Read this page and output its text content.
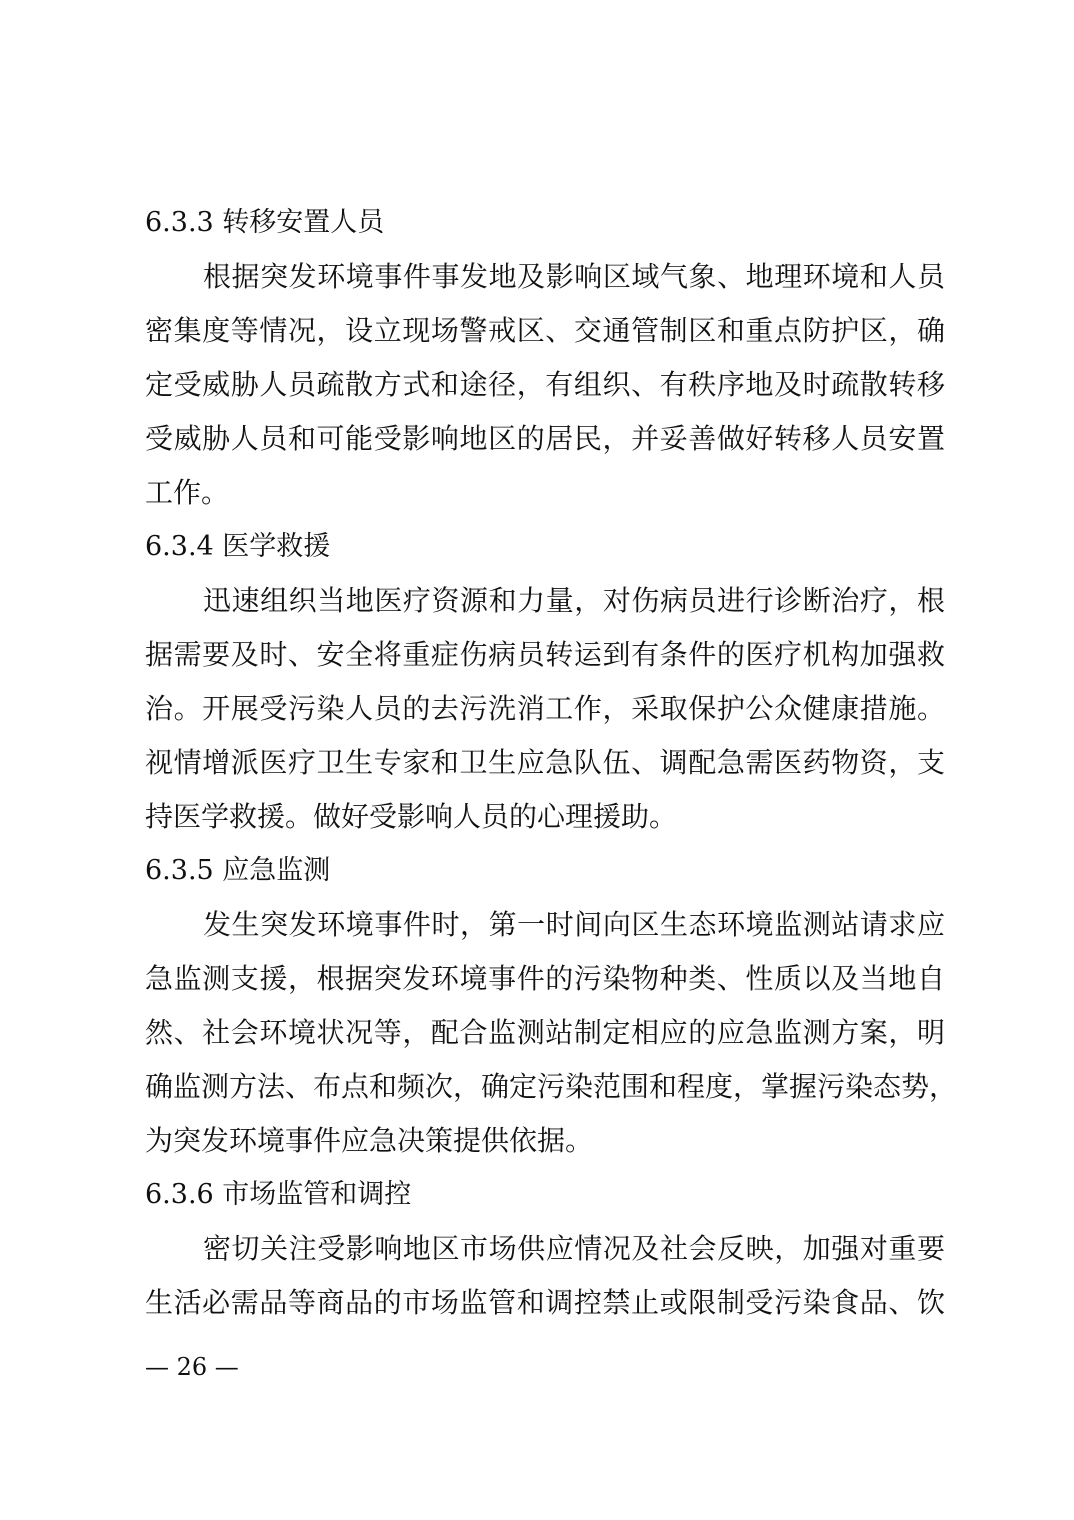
6.3.3 转移安置人员
根据突发环境事件事发地及影响区域气象、地理环境和人员
密集度等情况，设立现场警戒区、交通管制区和重点防护区，确
定受威胁人员疏散方式和途径，有组织、有秩序地及时疏散转移
受威胁人员和可能受影响地区的居民，并妥善做好转移人员安置
工作。
6.3.4 医学救援
迅速组织当地医疗资源和力量，对伤病员进行诊断治疗，根
据需要及时、安全将重症伤病员转运到有条件的医疗机构加强救
治。开展受污染人员的去污洗消工作，采取保护公众健康措施。
视情增派医疗卫生专家和卫生应急队伍、调配急需医药物资，支
持医学救援。做好受影响人员的心理援助。
6.3.5 应急监测
发生突发环境事件时，第一时间向区生态环境监测站请求应
急监测支援，根据突发环境事件的污染物种类、性质以及当地自
然、社会环境状况等，配合监测站制定相应的应急监测方案，明
确监测方法、布点和频次，确定污染范围和程度，掌握污染态势，
为突发环境事件应急决策提供依据。
6.3.6 市场监管和调控
密切关注受影响地区市场供应情况及社会反映，加强对重要
生活必需品等商品的市场监管和调控禁止或限制受污染食品、饮
— 26 —
